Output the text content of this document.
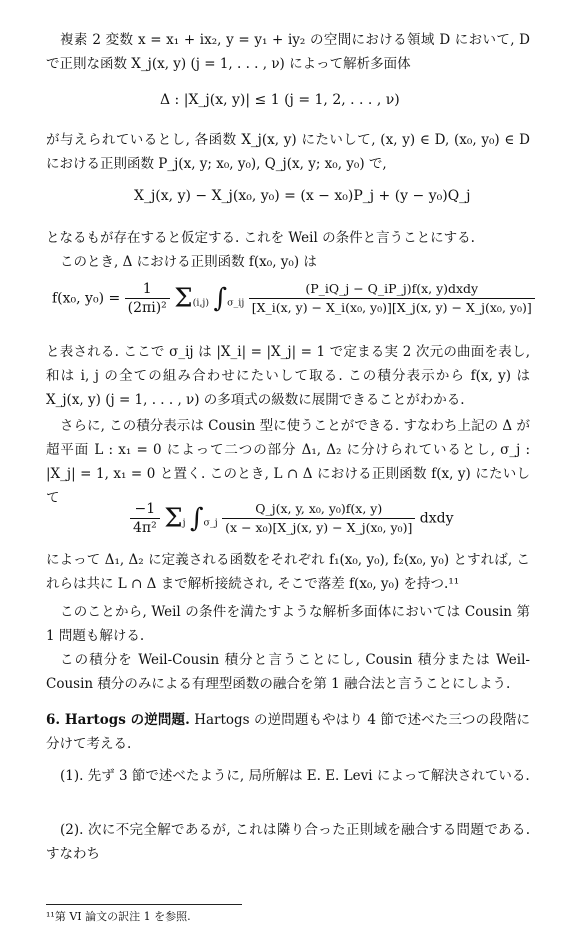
複素 2 変数 x = x₁ + ix₂, y = y₁ + iy₂ の空間における領域 D において, D で正則な函数 X_j(x, y) (j = 1, . . . , ν) によって解析多面体
Δ : |X_j(x, y)| ≤ 1 (j = 1, 2, . . . , ν)
が与えられているとし, 各函数 X_j(x, y) にたいして, (x, y) ∈ D, (x₀, y₀) ∈ D における正則函数 P_j(x, y; x₀, y₀), Q_j(x, y; x₀, y₀) で,
X_j(x, y) − X_j(x₀, y₀) = (x − x₀)P_j + (y − y₀)Q_j
となるもが存在すると仮定する. これを Weil の条件と言うことにする.
このとき, Δ における正則函数 f(x₀, y₀) は
f(x₀, $y_0) = \frac{1}{\text{(2πi)²}} \Sigma_{(i,j)}$ $\int_{\sigma\_ij} \frac{\text{(P\_iQ\_j − Q\_iP\_j)f(x, y)dxdy}}{\text{[X\_i(x, y) − X\_i(x₀, y₀)][X\_j(x, y) − X\_j(x₀, y₀)]}}$
と表される. ここで σ_ij は |X_i| = |X_j| = 1 で定まる実 2 次元の曲面を表し, 和は i, j の全ての組み合わせにたいして取る. この積分表示から f(x, y) は X_j(x, y) (j = 1, . . . , ν) の多項式の級数に展開できることがわかる.
さらに, この積分表示は Cousin 型に使うことができる. すなわち上記の Δ が 超平面 L : x₁ = 0 によって二つの部分 Δ₁, Δ₂ に分けられているとし, σ_j : |X_j| = 1, x₁ = 0 と置く. このとき, L ∩ Δ における正則函数 f(x, y) にたいして
$\frac{-1}{\text{4π²}} \Sigma_j$ $\int_{\sigma\_j} \frac{\text{Q\_j(x, y, x₀, y₀)f(x, y)}}{\text{(x − x₀)[X\_j(x, y) − X\_j(x₀, y₀)]}}$ dxdy
によって Δ₁, Δ₂ に定義される函数をそれぞれ f₁(x₀, y₀), f₂(x₀, y₀) とすれば, これらは共に L ∩ Δ まで解析接続され, そこで落差 f(x₀, y₀) を持つ.¹¹
このことから, Weil の条件を満たすような解析多面体においては Cousin 第 1 問題も解ける.
この積分を Weil-Cousin 積分と言うことにし, Cousin 積分または Weil-Cousin 積分のみによる有理型函数の融合を第 1 融合法と言うことにしよう.
6. Hartogs の逆問題. Hartogs の逆問題もやはり 4 節で述べた三つの段階に分けて考える.
(1). 先ず 3 節で述べたように, 局所解は E. E. Levi によって解決されている.
(2). 次に不完全解であるが, これは隣り合った正則域を融合する問題である. すなわち
¹¹第 VI 論文の訳注 1 を参照.
